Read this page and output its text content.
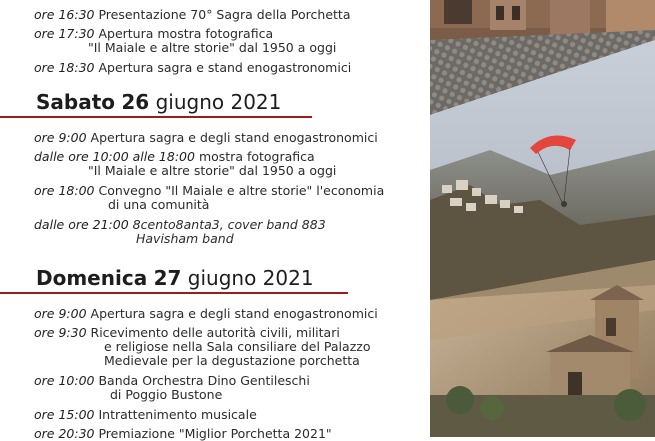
ore 16:30 Presentazione 70° Sagra della Porchetta
ore 17:30 Apertura mostra fotografica
"Il Maiale e altre storie" dal 1950 a oggi
ore 18:30 Apertura sagra e stand enogastronomici
Sabato 26 giugno 2021
ore 9:00 Apertura sagra e degli stand enogastronomici
dalle ore 10:00 alle 18:00 mostra fotografica
"Il Maiale e altre storie" dal 1950 a oggi
ore 18:00 Convegno "Il Maiale e altre storie" l'economia
di una comunità
dalle ore 21:00 8cento8anta3, cover band 883
Havisham band
Domenica 27 giugno 2021
ore 9:00 Apertura sagra e degli stand enogastronomici
ore 9:30 Ricevimento delle autorità civili, militari
e religiose nella Sala consiliare del Palazzo
Medievale per la degustazione porchetta
ore 10:00 Banda Orchestra Dino Gentileschi
di Poggio Bustone
ore 15:00 Intrattenimento musicale
ore 20:30 Premiazione "Miglior Porchetta 2021"
